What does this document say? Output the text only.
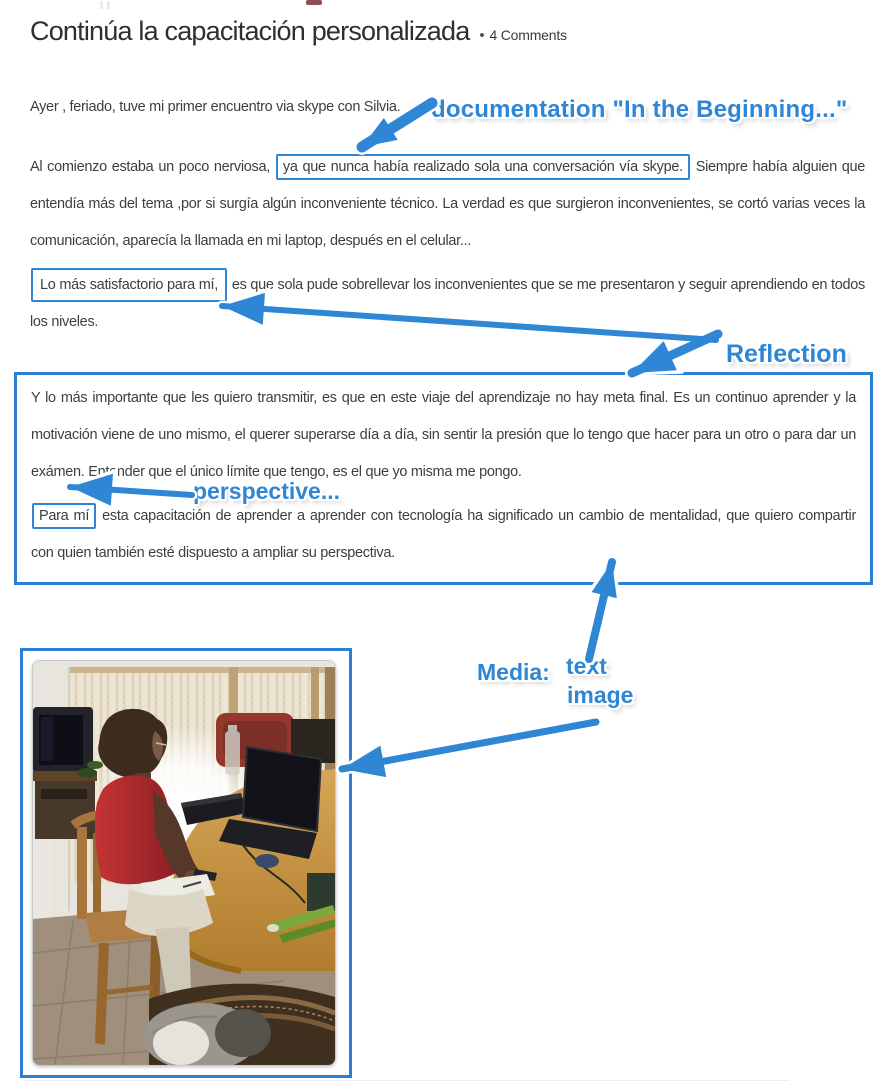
Continúa la capacitación personalizada • 4 Comments

Ayer , feriado, tuve mi primer encuentro via skype con Silvia.

Al comienzo estaba un poco nerviosa, ya que nunca había realizado sola una conversación vía skype. Siempre había alguien que entendía más del tema ,por si surgía algún inconveniente técnico. La verdad es que surgieron inconvenientes, se cortó varias veces la comunicación, aparecía la llamada en mi laptop, después en el celular...

Lo más satisfactorio para mí, es que sola pude sobrellevar los inconvenientes que se me presentaron y seguir aprendiendo en todos los niveles.

Y lo más importante que les quiero transmitir, es que en este viaje del aprendizaje no hay meta final. Es un continuo aprender y la motivación viene de uno mismo, el querer superarse día a día, sin sentir la presión que lo tengo que hacer para un otro o para dar un exámen. Entender que el único límite que tengo, es el que yo misma me pongo.

Para mí esta capacitación de aprender a aprender con tecnología ha significado un cambio de mentalidad, que quiero compartir con quien también esté dispuesto a ampliar su perspectiva.

documentation "In the Beginning..."
Reflection
perspective...
Media: text
image
